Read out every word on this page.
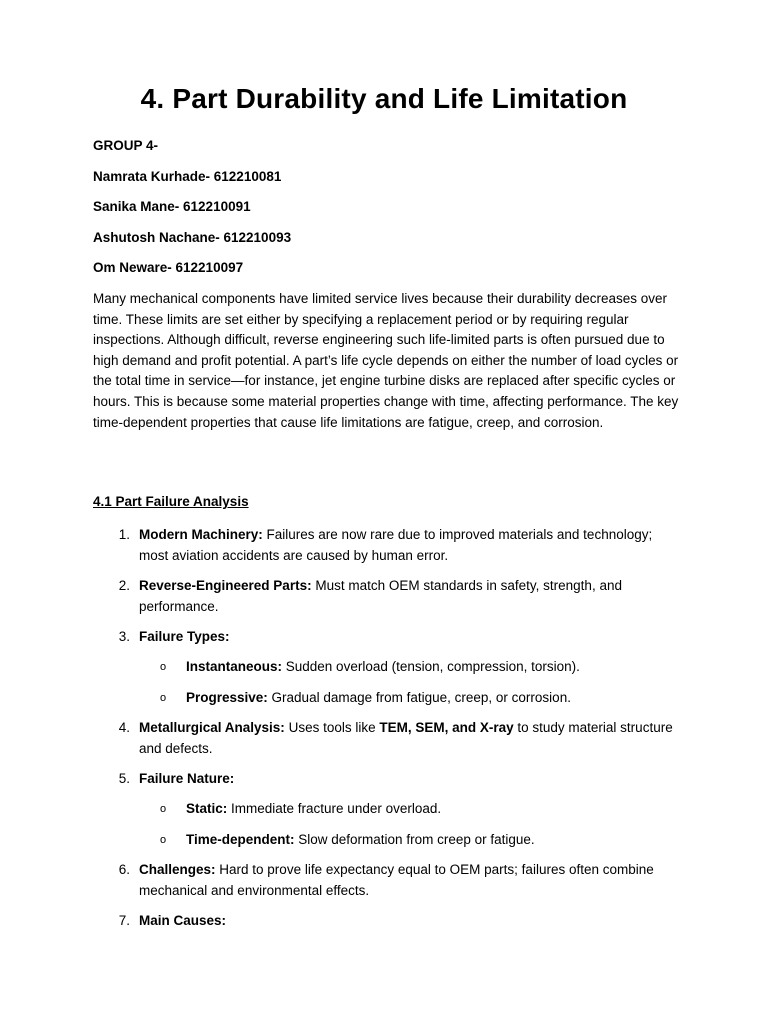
4. Part Durability and Life Limitation
GROUP 4-
Namrata Kurhade- 612210081
Sanika Mane- 612210091
Ashutosh Nachane- 612210093
Om Neware- 612210097
Many mechanical components have limited service lives because their durability decreases over time. These limits are set either by specifying a replacement period or by requiring regular inspections. Although difficult, reverse engineering such life-limited parts is often pursued due to high demand and profit potential. A part’s life cycle depends on either the number of load cycles or the total time in service—for instance, jet engine turbine disks are replaced after specific cycles or hours. This is because some material properties change with time, affecting performance. The key time-dependent properties that cause life limitations are fatigue, creep, and corrosion.
4.1 Part Failure Analysis
1. Modern Machinery: Failures are now rare due to improved materials and technology; most aviation accidents are caused by human error.
2. Reverse-Engineered Parts: Must match OEM standards in safety, strength, and performance.
3. Failure Types:
o Instantaneous: Sudden overload (tension, compression, torsion).
o Progressive: Gradual damage from fatigue, creep, or corrosion.
4. Metallurgical Analysis: Uses tools like TEM, SEM, and X-ray to study material structure and defects.
5. Failure Nature:
o Static: Immediate fracture under overload.
o Time-dependent: Slow deformation from creep or fatigue.
6. Challenges: Hard to prove life expectancy equal to OEM parts; failures often combine mechanical and environmental effects.
7. Main Causes:
